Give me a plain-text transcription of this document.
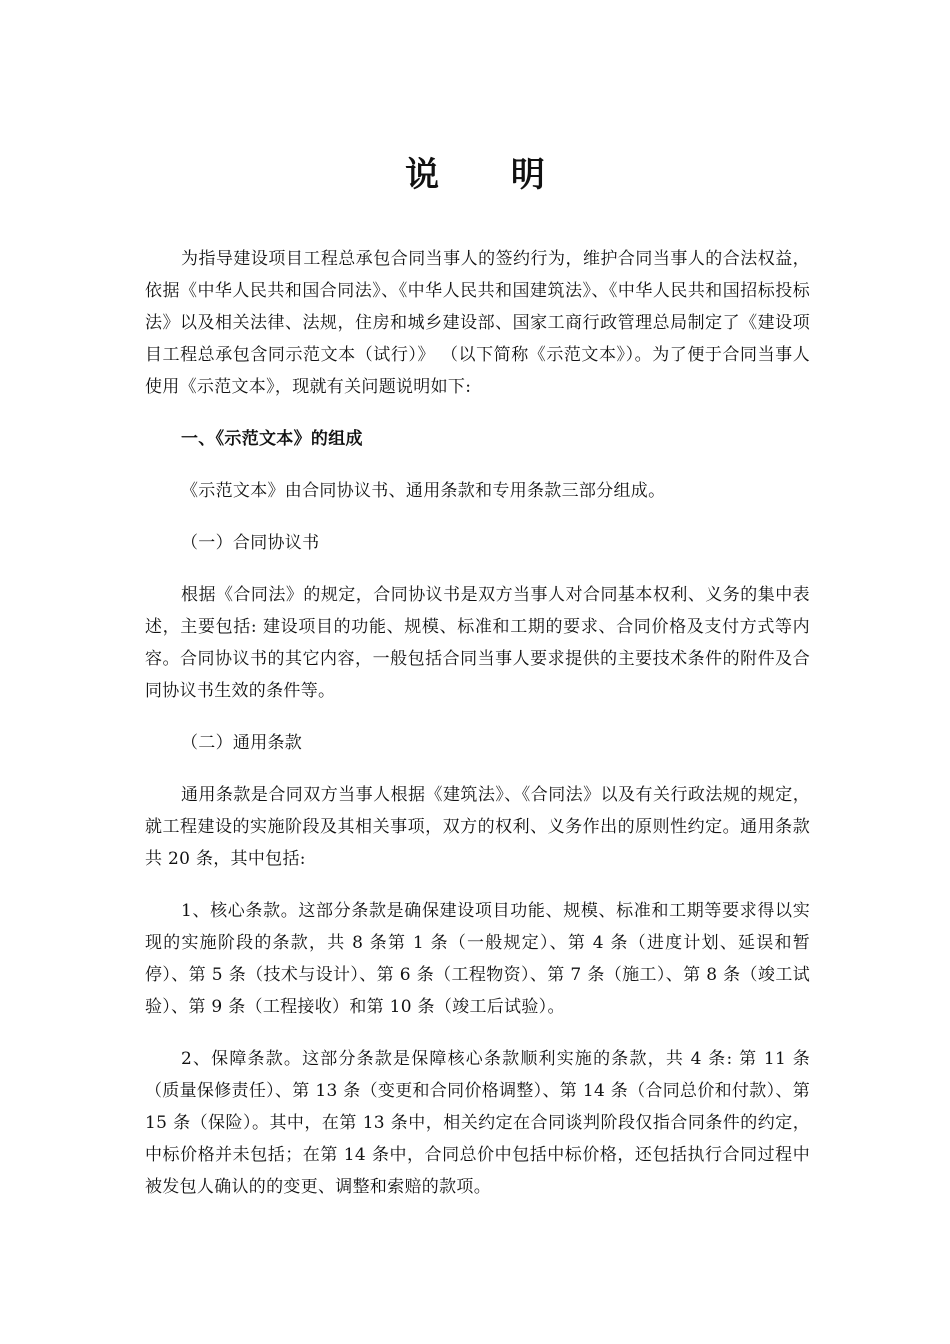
说 明

为指导建设项目工程总承包合同当事人的签约行为，维护合同当事人的合法权益，依据《中华人民共和国合同法》、《中华人民共和国建筑法》、《中华人民共和国招标投标法》以及相关法律、法规，住房和城乡建设部、国家工商行政管理总局制定了《建设项目工程总承包含同示范文本（试行）》 （以下简称《示范文本》）。为了便于合同当事人使用《示范文本》，现就有关问题说明如下:

一、《示范文本》的组成

《示范文本》由合同协议书、通用条款和专用条款三部分组成。

（一）合同协议书

根据《合同法》的规定，合同协议书是双方当事人对合同基本权利、义务的集中表述，主要包括: 建设项目的功能、规模、标准和工期的要求、合同价格及支付方式等内容。合同协议书的其它内容，一般包括合同当事人要求提供的主要技术条件的附件及合同协议书生效的条件等。

（二）通用条款

通用条款是合同双方当事人根据《建筑法》、《合同法》以及有关行政法规的规定，就工程建设的实施阶段及其相关事项，双方的权利、义务作出的原则性约定。通用条款共 20 条，其中包括:

1、核心条款。这部分条款是确保建设项目功能、规模、标准和工期等要求得以实现的实施阶段的条款，共 8 条第 1 条（一般规定）、第 4 条（进度计划、延误和暂停）、第 5 条（技术与设计）、第 6 条（工程物资）、第 7 条（施工）、第 8 条（竣工试验）、第 9 条（工程接收）和第 10 条（竣工后试验）。

2、保障条款。这部分条款是保障核心条款顺利实施的条款，共 4 条: 第 11 条（质量保修责任）、第 13 条（变更和合同价格调整）、第 14 条（合同总价和付款）、第 15 条（保险）。其中，在第 13 条中，相关约定在合同谈判阶段仅指合同条件的约定，中标价格并未包括；在第 14 条中，合同总价中包括中标价格，还包括执行合同过程中被发包人确认的的变更、调整和索赔的款项。
